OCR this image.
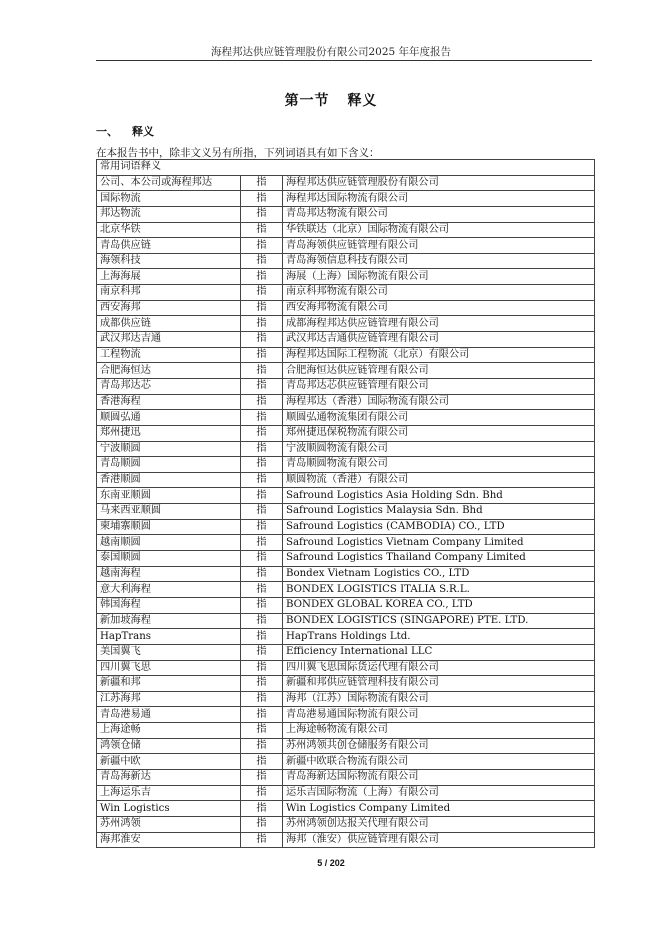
海程邦达供应链管理股份有限公司2025 年年度报告
第一节 释义
一、 释义
在本报告书中，除非文义另有所指，下列词语具有如下含义：
常用词语释义		
公司、本公司或海程邦达	指	海程邦达供应链管理股份有限公司
国际物流	指	海程邦达国际物流有限公司
邦达物流	指	青岛邦达物流有限公司
北京华铁	指	华铁联达（北京）国际物流有限公司
青岛供应链	指	青岛海领供应链管理有限公司
海领科技	指	青岛海领信息科技有限公司
上海海展	指	海展（上海）国际物流有限公司
南京科邦	指	南京科邦物流有限公司
西安海邦	指	西安海邦物流有限公司
成都供应链	指	成都海程邦达供应链管理有限公司
武汉邦达吉通	指	武汉邦达吉通供应链管理有限公司
工程物流	指	海程邦达国际工程物流（北京）有限公司
合肥海恒达	指	合肥海恒达供应链管理有限公司
青岛邦达芯	指	青岛邦达芯供应链管理有限公司
香港海程	指	海程邦达（香港）国际物流有限公司
顺圆弘通	指	顺圆弘通物流集团有限公司
郑州捷迅	指	郑州捷迅保税物流有限公司
宁波顺圆	指	宁波顺圆物流有限公司
青岛顺圆	指	青岛顺圆物流有限公司
香港顺圆	指	顺圆物流（香港）有限公司
东南亚顺圆	指	Safround Logistics Asia Holding Sdn. Bhd
马来西亚顺圆	指	Safround Logistics Malaysia Sdn. Bhd
柬埔寨顺圆	指	Safround Logistics (CAMBODIA) CO., LTD
越南顺圆	指	Safround Logistics Vietnam Company Limited
泰国顺圆	指	Safround Logistics Thailand Company Limited
越南海程	指	Bondex Vietnam Logistics CO., LTD
意大利海程	指	BONDEX LOGISTICS ITALIA S.R.L.
韩国海程	指	BONDEX GLOBAL KOREA CO., LTD
新加坡海程	指	BONDEX LOGISTICS (SINGAPORE) PTE. LTD.
HapTrans	指	HapTrans Holdings Ltd.
美国翼飞	指	Efficiency International LLC
四川翼飞思	指	四川翼飞思国际货运代理有限公司
新疆和邦	指	新疆和邦供应链管理科技有限公司
江苏海邦	指	海邦（江苏）国际物流有限公司
青岛港易通	指	青岛港易通国际物流有限公司
上海途畅	指	上海途畅物流有限公司
鸿领仓储	指	苏州鸿领共创仓储服务有限公司
新疆中欧	指	新疆中欧联合物流有限公司
青岛海新达	指	青岛海新达国际物流有限公司
上海运乐吉	指	运乐吉国际物流（上海）有限公司
Win Logistics	指	Win Logistics Company Limited
苏州鸿领	指	苏州鸿领创达报关代理有限公司
海邦淮安	指	海邦（淮安）供应链管理有限公司
5 / 202
